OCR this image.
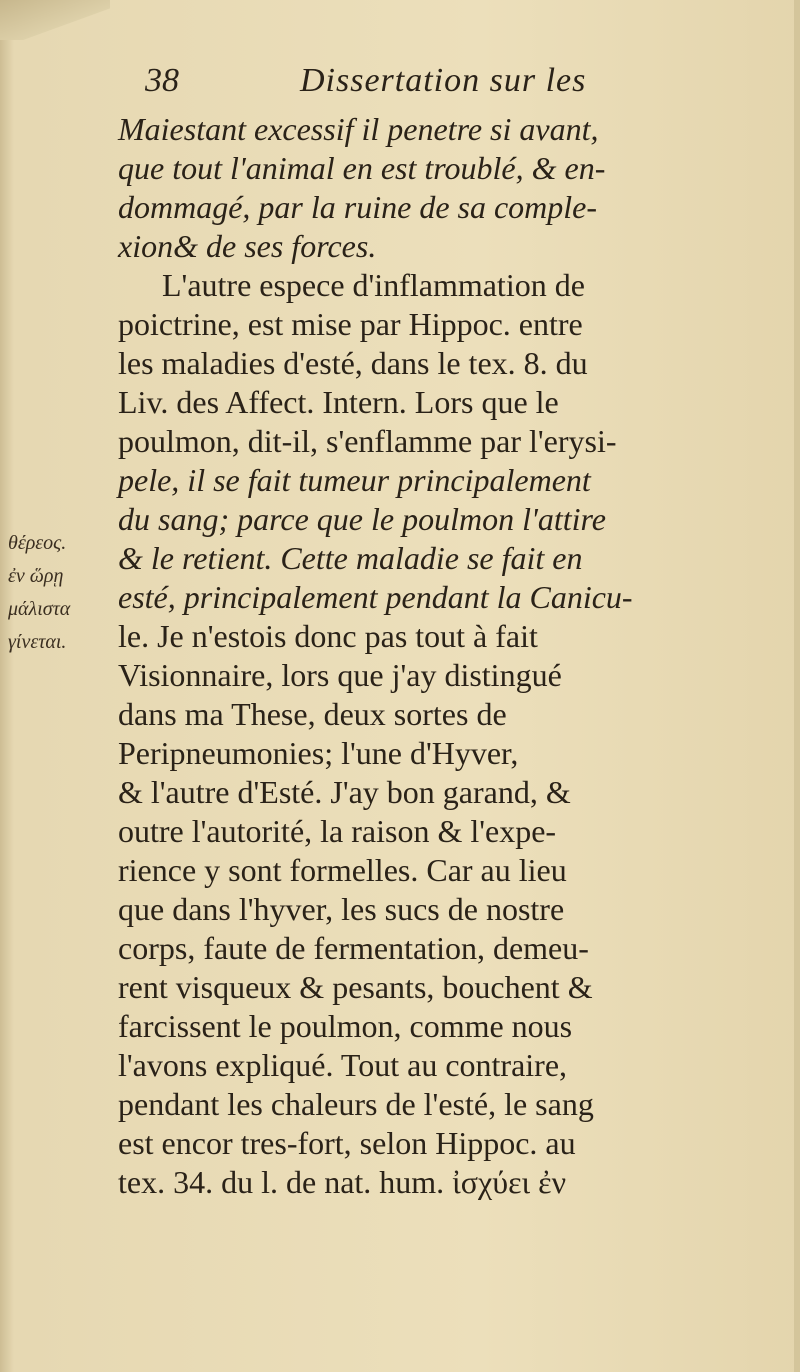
38	Dissertation sur les
θέρεος.
ἐν ὥρῃ
μάλιστα
γίνεται.
Maiestant excessif il penetre si avant,
que tout l'animal en est troublé, & en-
dommagé, par la ruine de sa comple-
xion& de ses forces.
L'autre espece d'inflammation de
poictrine, est mise par Hippoc. entre
les maladies d'esté, dans le tex. 8. du
Liv. des Affect. Intern. Lors que le
poulmon, dit-il, s'enflamme par l'erysi-
pele, il se fait tumeur principalement
du sang; parce que le poulmon l'attire
& le retient. Cette maladie se fait en
esté, principalement pendant la Canicu-
le. Je n'estois donc pas tout à fait
Visionnaire, lors que j'ay distingué
dans ma These, deux sortes de
Peripneumonies; l'une d'Hyver,
& l'autre d'Esté. J'ay bon garand, &
outre l'autorité, la raison & l'expe-
rience y sont formelles. Car au lieu
que dans l'hyver, les sucs de nostre
corps, faute de fermentation, demeu-
rent visqueux & pesants, bouchent &
farcissent le poulmon, comme nous
l'avons expliqué. Tout au contraire,
pendant les chaleurs de l'esté, le sang
est encor tres-fort, selon Hippoc. au
tex. 34. du l. de nat. hum. ἰσχύει ἐν
